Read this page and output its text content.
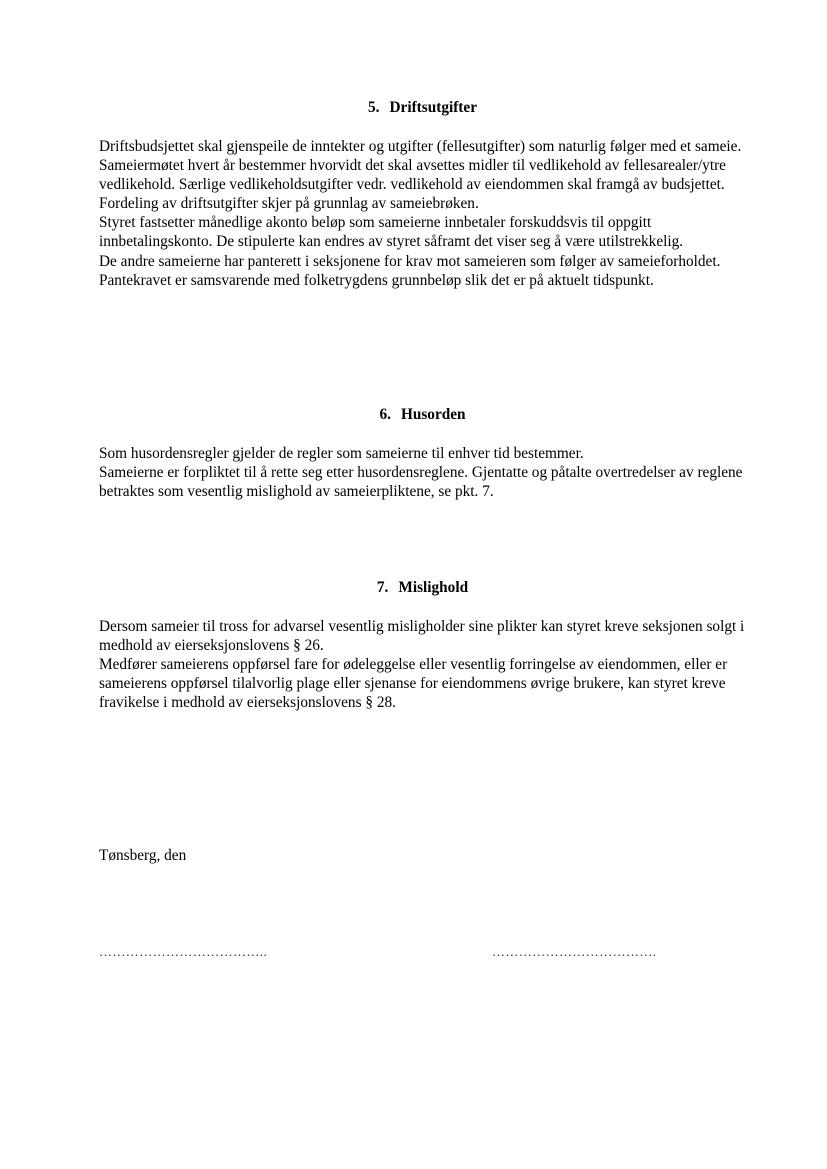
5. Driftsutgifter

Driftsbudsjettet skal gjenspeile de inntekter og utgifter (fellesutgifter) som naturlig følger med et sameie. Sameiermøtet hvert år bestemmer hvorvidt det skal avsettes midler til vedlikehold av fellesarealer/ytre vedlikehold. Særlige vedlikeholdsutgifter vedr. vedlikehold av eiendommen skal framgå av budsjettet. Fordeling av driftsutgifter skjer på grunnlag av sameiebrøken.

Styret fastsetter månedlige akonto beløp som sameierne innbetaler forskuddsvis til oppgitt innbetalingskonto. De stipulerte kan endres av styret såframt det viser seg å være utilstrekkelig.

De andre sameierne har panterett i seksjonene for krav mot sameieren som følger av sameieforholdet. Pantekravet er samsvarende med folketrygdens grunnbeløp slik det er på aktuelt tidspunkt.

6. Husorden

Som husordensregler gjelder de regler som sameierne til enhver tid bestemmer.

Sameierne er forpliktet til å rette seg etter husordensreglene. Gjentatte og påtalte overtredelser av reglene betraktes som vesentlig mislighold av sameierpliktene, se pkt. 7.

7. Mislighold

Dersom sameier til tross for advarsel vesentlig misligholder sine plikter kan styret kreve seksjonen solgt i medhold av eierseksjonslovens § 26.

Medfører sameierens oppførsel fare for ødeleggelse eller vesentlig forringelse av eiendommen, eller er sameierens oppførsel tilalvorlig plage eller sjenanse for eiendommens øvrige brukere, kan styret kreve fravikelse i medhold av eierseksjonslovens § 28.

Tønsberg, den

………………………………..	……………………………….
